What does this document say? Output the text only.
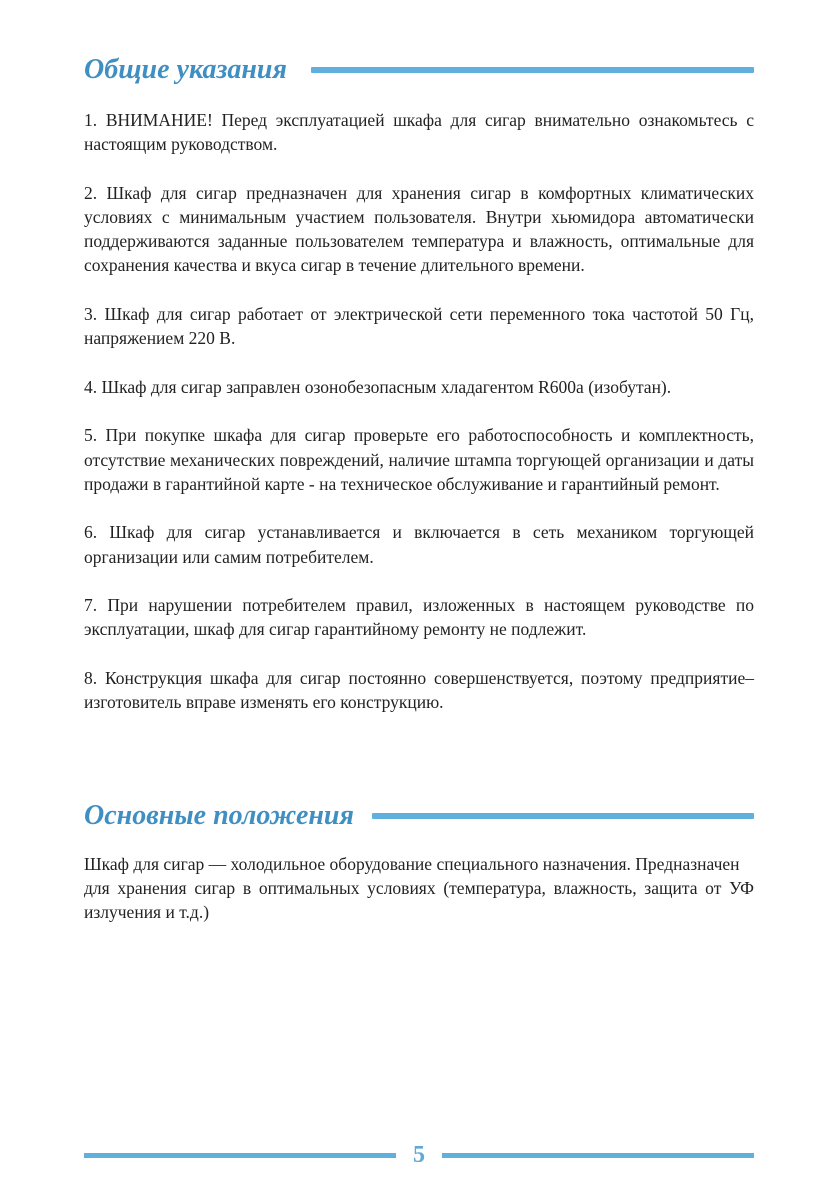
Общие указания
1. ВНИМАНИЕ! Перед эксплуатацией шкафа для сигар внимательно ознакомьтесь с настоящим руководством.
2. Шкаф для сигар предназначен для хранения сигар в комфортных климатических условиях с минимальным участием пользователя. Внутри хьюмидора автоматически поддерживаются заданные пользователем температура и влажность, оптимальные для сохранения качества и вкуса сигар в течение длительного времени.
3. Шкаф для сигар работает от электрической сети переменного тока частотой 50 Гц, напряжением 220 В.
4. Шкаф для сигар заправлен озонобезопасным хладагентом R600a (изобутан).
5. При покупке шкафа для сигар проверьте его работоспособность и комплектность, отсутствие механических повреждений, наличие штампа торгующей организации и даты продажи в гарантийной карте - на техническое обслуживание и гарантийный ремонт.
6. Шкаф для сигар устанавливается и включается в сеть механиком торгующей организации или самим потребителем.
7. При нарушении потребителем правил, изложенных в настоящем руководстве по эксплуатации, шкаф для сигар гарантийному ремонту не подлежит.
8. Конструкция шкафа для сигар постоянно совершенствуется, поэтому предприятие–изготовитель вправе изменять его конструкцию.
Основные положения

Шкаф для сигар — холодильное оборудование специального назначения. Предназначен

для хранения сигар в оптимальных условиях (температура, влажность, защита от УФ излучения и т.д.)

5
